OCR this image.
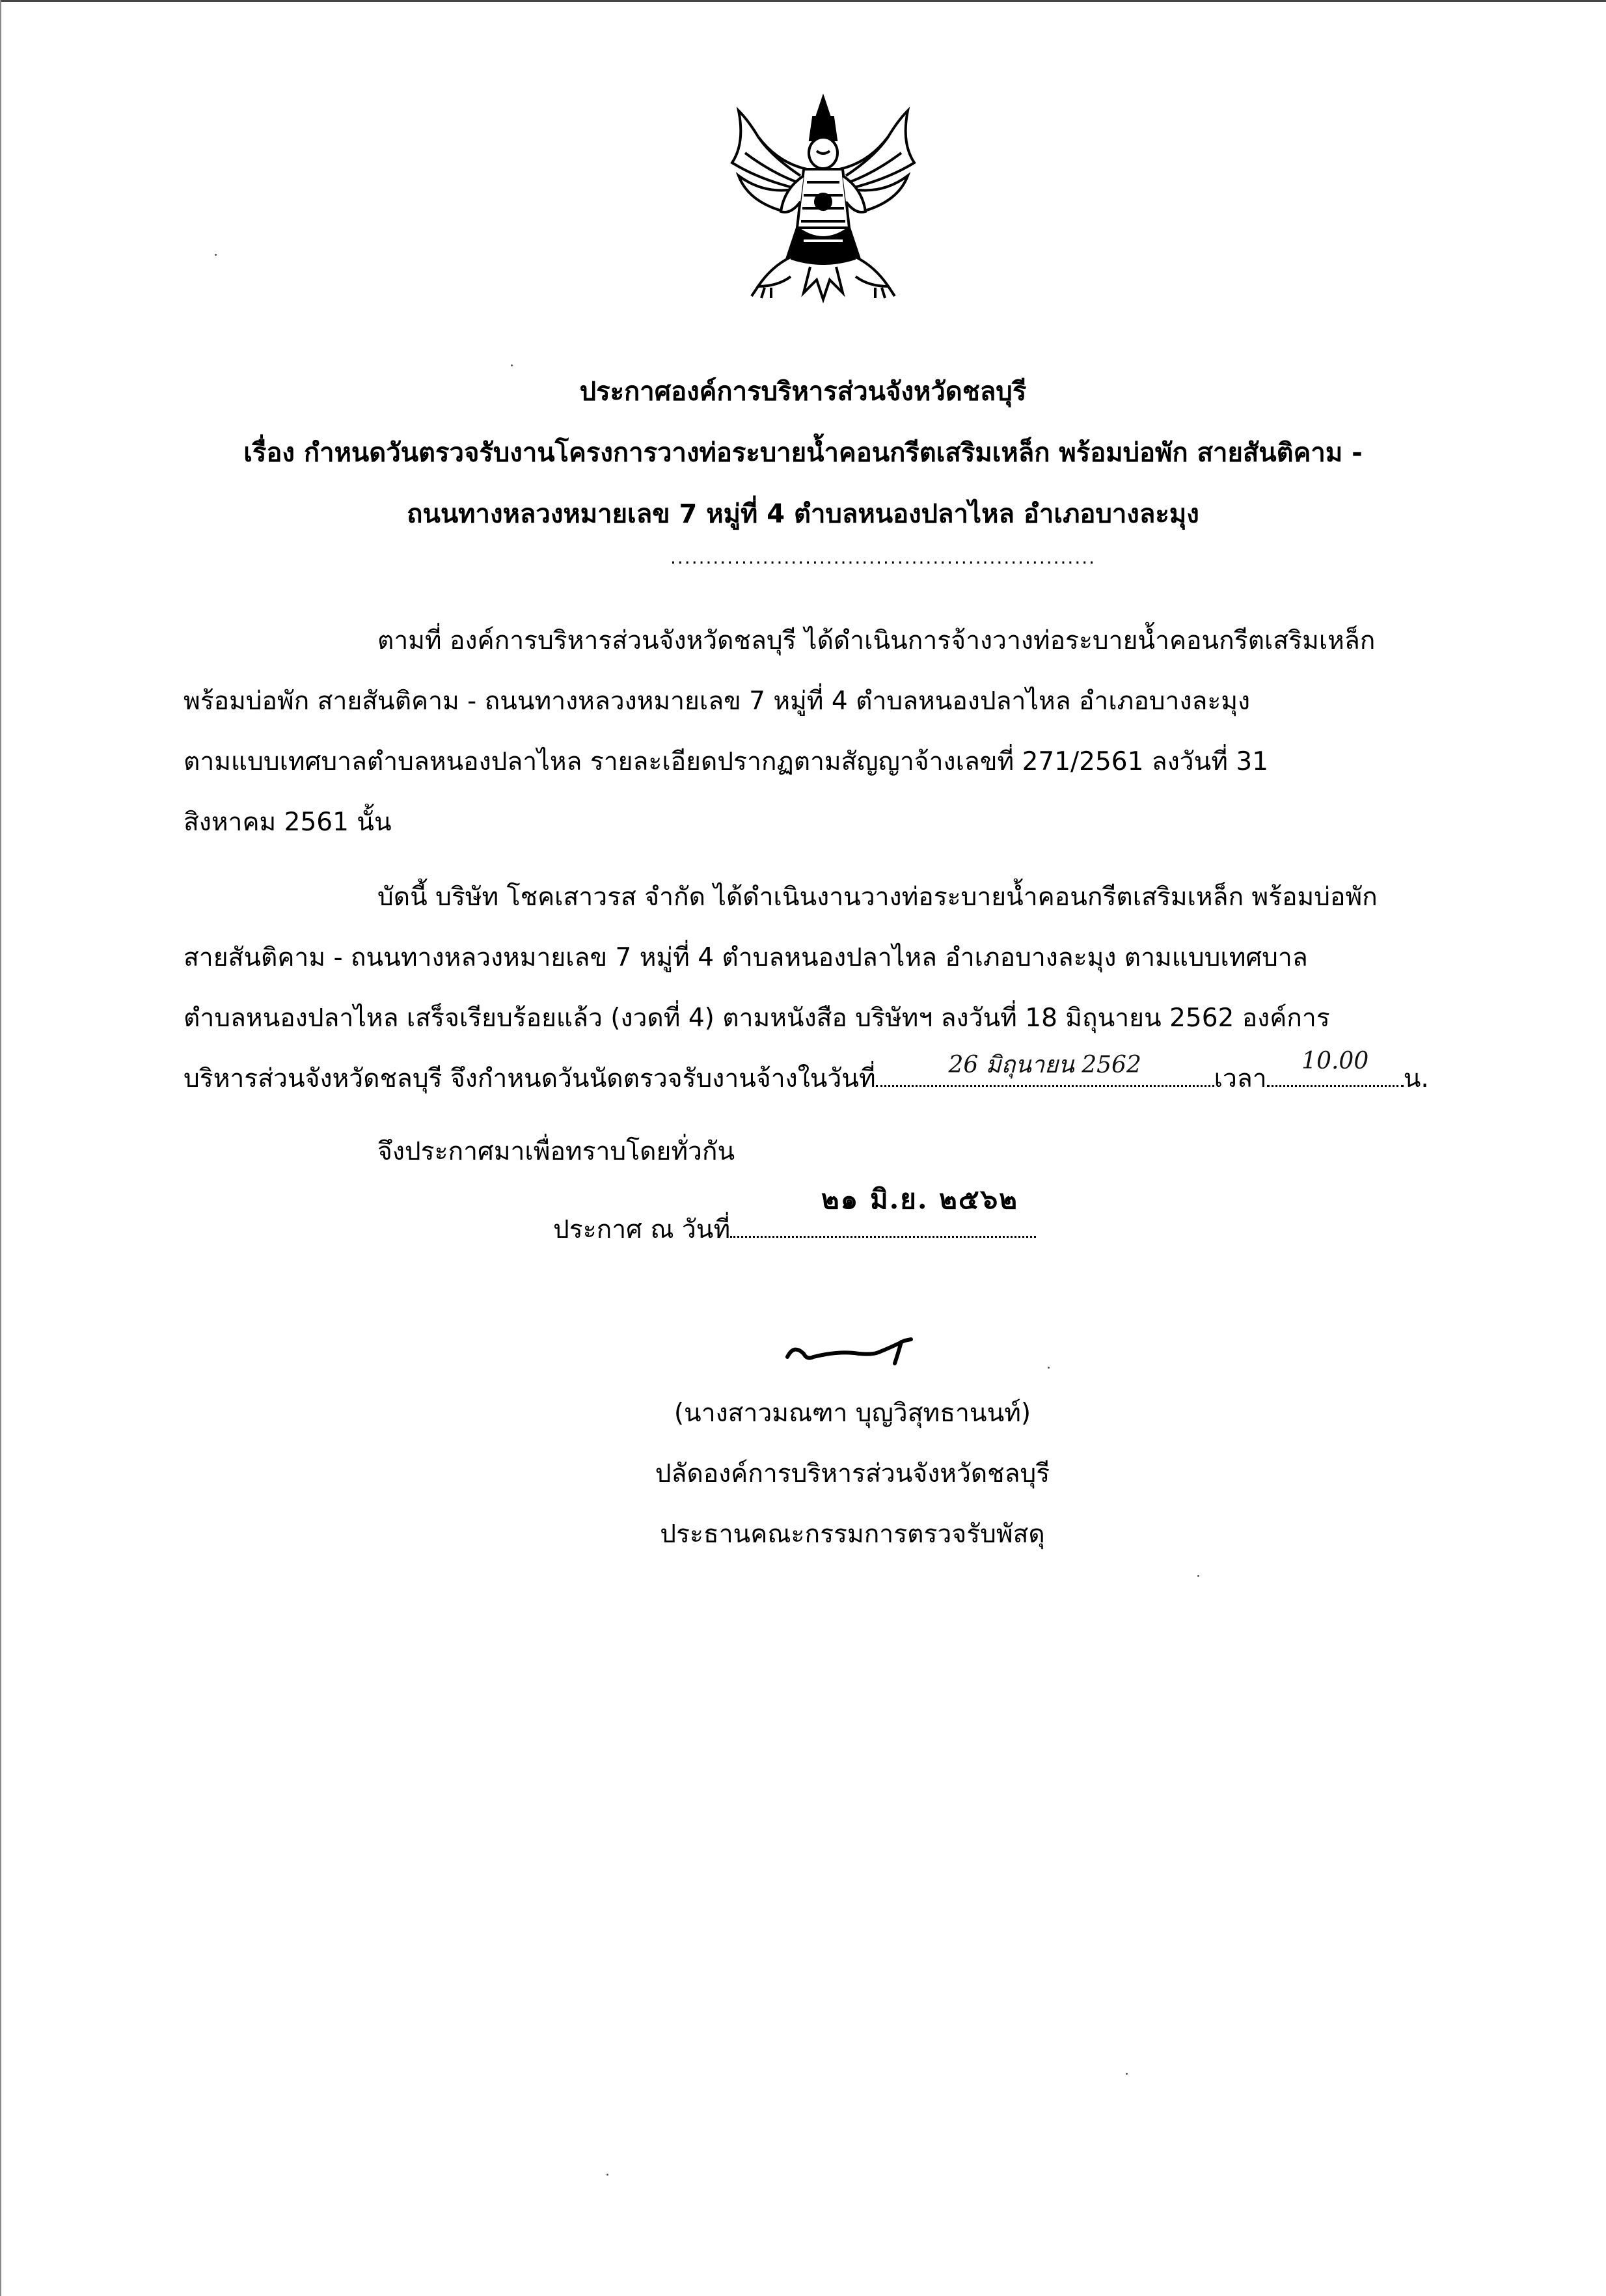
ประกาศองค์การบริหารส่วนจังหวัดชลบุรี
เรื่อง กำหนดวันตรวจรับงานโครงการวางท่อระบายน้ำคอนกรีตเสริมเหล็ก พร้อมบ่อพัก สายสันติคาม -
ถนนทางหลวงหมายเลข 7 หมู่ที่ 4 ตำบลหนองปลาไหล อำเภอบางละมุง
............................................................
ตามที่ องค์การบริหารส่วนจังหวัดชลบุรี ได้ดำเนินการจ้างวางท่อระบายน้ำคอนกรีตเสริมเหล็ก
พร้อมบ่อพัก สายสันติคาม - ถนนทางหลวงหมายเลข 7 หมู่ที่ 4 ตำบลหนองปลาไหล อำเภอบางละมุง
ตามแบบเทศบาลตำบลหนองปลาไหล รายละเอียดปรากฏตามสัญญาจ้างเลขที่ 271/2561 ลงวันที่ 31
สิงหาคม 2561 นั้น
บัดนี้ บริษัท โชคเสาวรส จำกัด ได้ดำเนินงานวางท่อระบายน้ำคอนกรีตเสริมเหล็ก พร้อมบ่อพัก
สายสันติคาม - ถนนทางหลวงหมายเลข 7 หมู่ที่ 4 ตำบลหนองปลาไหล อำเภอบางละมุง ตามแบบเทศบาล
ตำบลหนองปลาไหล เสร็จเรียบร้อยแล้ว (งวดที่ 4) ตามหนังสือ บริษัทฯ ลงวันที่ 18 มิถุนายน 2562 องค์การ
บริหารส่วนจังหวัดชลบุรี จึงกำหนดวันนัดตรวจรับงานจ้างในวันที่	26 มิถุนายน 2562	เวลา
10.00
น.
จึงประกาศมาเพื่อทราบโดยทั่วกัน
ประกาศ ณ วันที่
๒๑ มิ.ย. ๒๕๖๒
(นางสาวมณฑา บุญวิสุทธานนท์)
ปลัดองค์การบริหารส่วนจังหวัดชลบุรี
ประธานคณะกรรมการตรวจรับพัสดุ
